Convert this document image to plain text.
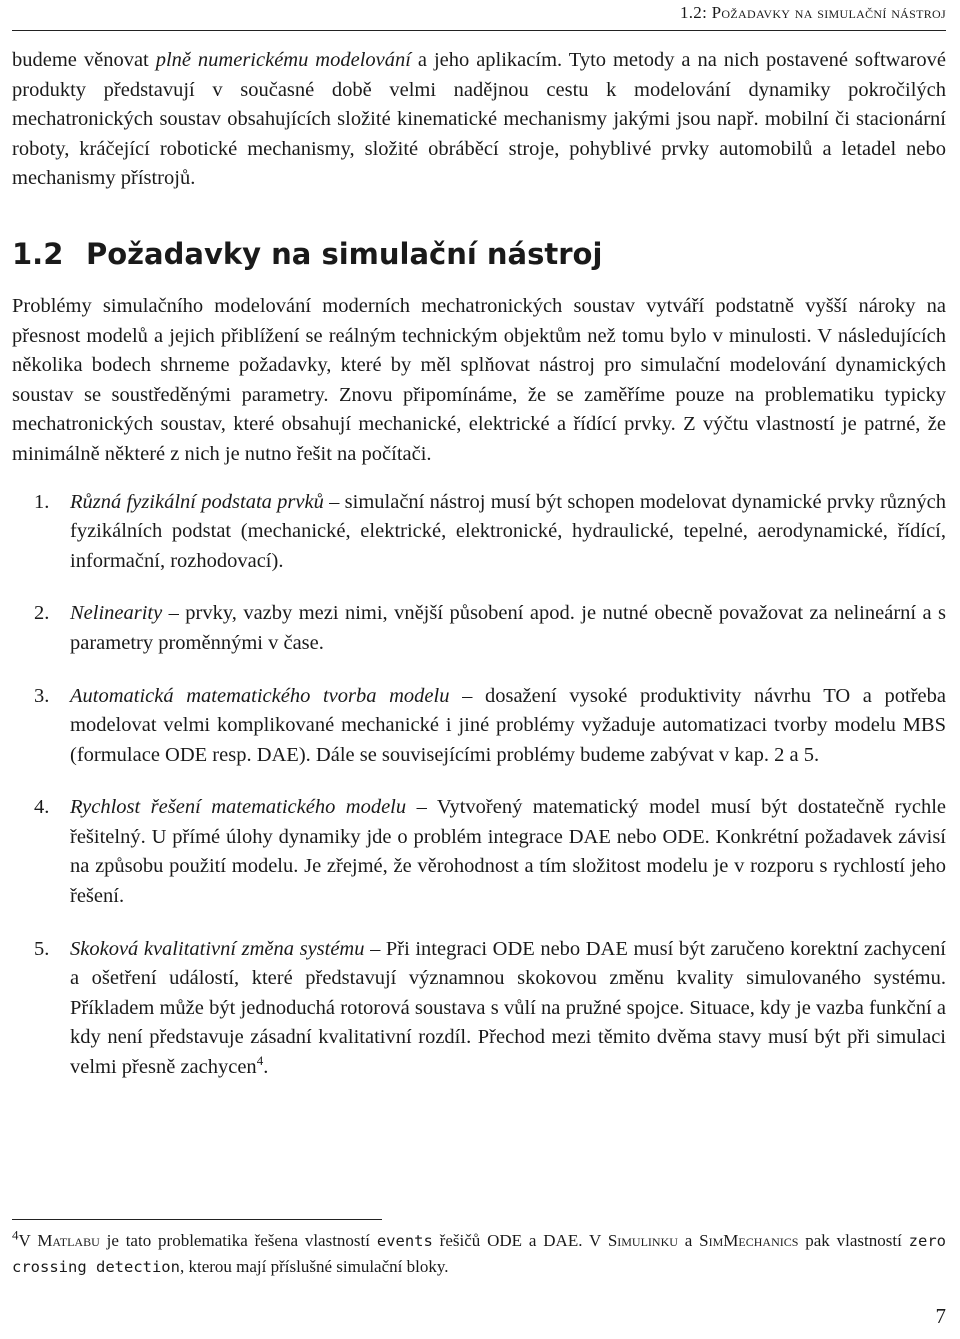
1.2: Požadavky na simulační nástroj

budeme věnovat plně numerickému modelování a jeho aplikacím. Tyto metody a na nich postavené softwarové produkty představují v současné době velmi nadějnou cestu k modelování dynamiky pokročilých mechatronických soustav obsahujících složité kinematické mechanismy jakými jsou např. mobilní či stacionární roboty, kráčející robotické mechanismy, složité obráběcí stroje, pohyblivé prvky automobilů a letadel nebo mechanismy přístrojů.

1.2 Požadavky na simulační nástroj

Problémy simulačního modelování moderních mechatronických soustav vytváří podstatně vyšší nároky na přesnost modelů a jejich přiblížení se reálným technickým objektům než tomu bylo v minulosti. V následujících několika bodech shrneme požadavky, které by měl splňovat nástroj pro simulační modelování dynamických soustav se soustředěnými parametry. Znovu připomínáme, že se zaměříme pouze na problematiku typicky mechatronických soustav, které obsahují mechanické, elektrické a řídící prvky. Z výčtu vlastností je patrné, že minimálně některé z nich je nutno řešit na počítači.

1. Různá fyzikální podstata prvků – simulační nástroj musí být schopen modelovat dynamické prvky různých fyzikálních podstat (mechanické, elektrické, elektronické, hydraulické, tepelné, aerodynamické, řídící, informační, rozhodovací).
2. Nelinearity – prvky, vazby mezi nimi, vnější působení apod. je nutné obecně považovat za nelineární a s parametry proměnnými v čase.
3. Automatická matematického tvorba modelu – dosažení vysoké produktivity návrhu TO a potřeba modelovat velmi komplikované mechanické i jiné problémy vyžaduje automatizaci tvorby modelu MBS (formulace ODE resp. DAE). Dále se souvisejícími problémy budeme zabývat v kap. 2 a 5.
4. Rychlost řešení matematického modelu – Vytvořený matematický model musí být dostatečně rychle řešitelný. U přímé úlohy dynamiky jde o problém integrace DAE nebo ODE. Konkrétní požadavek závisí na způsobu použití modelu. Je zřejmé, že věrohodnost a tím složitost modelu je v rozporu s rychlostí jeho řešení.
5. Skoková kvalitativní změna systému – Při integraci ODE nebo DAE musí být zaručeno korektní zachycení a ošetření událostí, které představují významnou skokovou změnu kvality simulovaného systému. Příkladem může být jednoduchá rotorová soustava s vůlí na pružné spojce. Situace, kdy je vazba funkční a kdy není představuje zásadní kvalitativní rozdíl. Přechod mezi těmito dvěma stavy musí být při simulaci velmi přesně zachycen$^4$.
$^4$V Matlabu je tato problematika řešena vlastností events řešičů ODE a DAE. V Simulinku a SimMechanics pak vlastností zero crossing detection, kterou mají příslušné simulační bloky.
7
